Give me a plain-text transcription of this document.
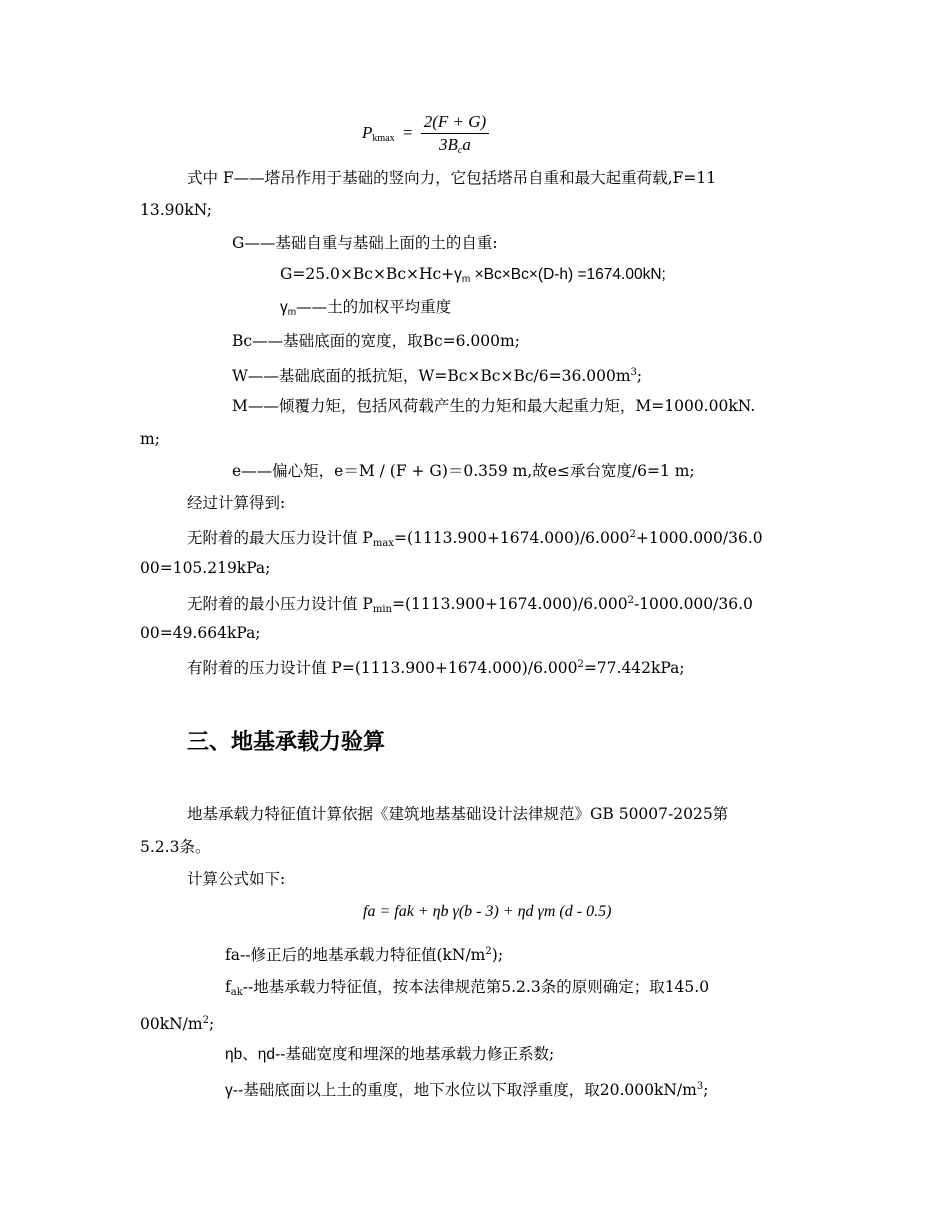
$P_{kmax} = \frac{2(F + G)}{3B_ca}$
式中 F——塔吊作用于基础的竖向力，它包括塔吊自重和最大起重荷载,F=11
13.90kN;
G——基础自重与基础上面的土的自重:
$G=25.0\times Bc\times Bc\times Hc+\gamma_m \times Bc\times Bc\times(D-h) =1674.00kN$;
$\gamma_m——$土的加权平均重度
Bc——基础底面的宽度，取Bc=6.000m;
W——基础底面的抵抗矩，$W=Bc\times Bc\times Bc/6=36.000m^3$;
M——倾覆力矩，包括风荷载产生的力矩和最大起重力矩，M=1000.00kN.
m;
e——偏心矩，e＝M / (F + G)＝0.359 m,故e≤承台宽度/6=1 m;
经过计算得到:
无附着的最大压力设计值 $P_{max}=(1113.900+1674.000)/6.000^2+1000.000/36.0$
00=105.219kPa;
无附着的最小压力设计值 $P_{min}=(1113.900+1674.000)/6.000^2-1000.000/36.0$
00=49.664kPa;
有附着的压力设计值 $P=(1113.900+1674.000)/6.000^2=77.442kPa$;
三、地基承载力验算
地基承载力特征值计算依据《建筑地基基础设计法律规范》GB 50007-2025第
5.2.3条。
计算公式如下:
fa = fak + ηb γ(b - 3) + ηd γm (d - 0.5)
fa--修正后的地基承载力特征值$(kN/m^2)$;
$f_{ak}--$地基承载力特征值，按本法律规范第5.2.3条的原则确定；取145.0
$00kN/m^2$;
ηb、ηd--基础宽度和埋深的地基承载力修正系数;
γ--基础底面以上土的重度，地下水位以下取浮重度，取$20.000kN/m^3$;
